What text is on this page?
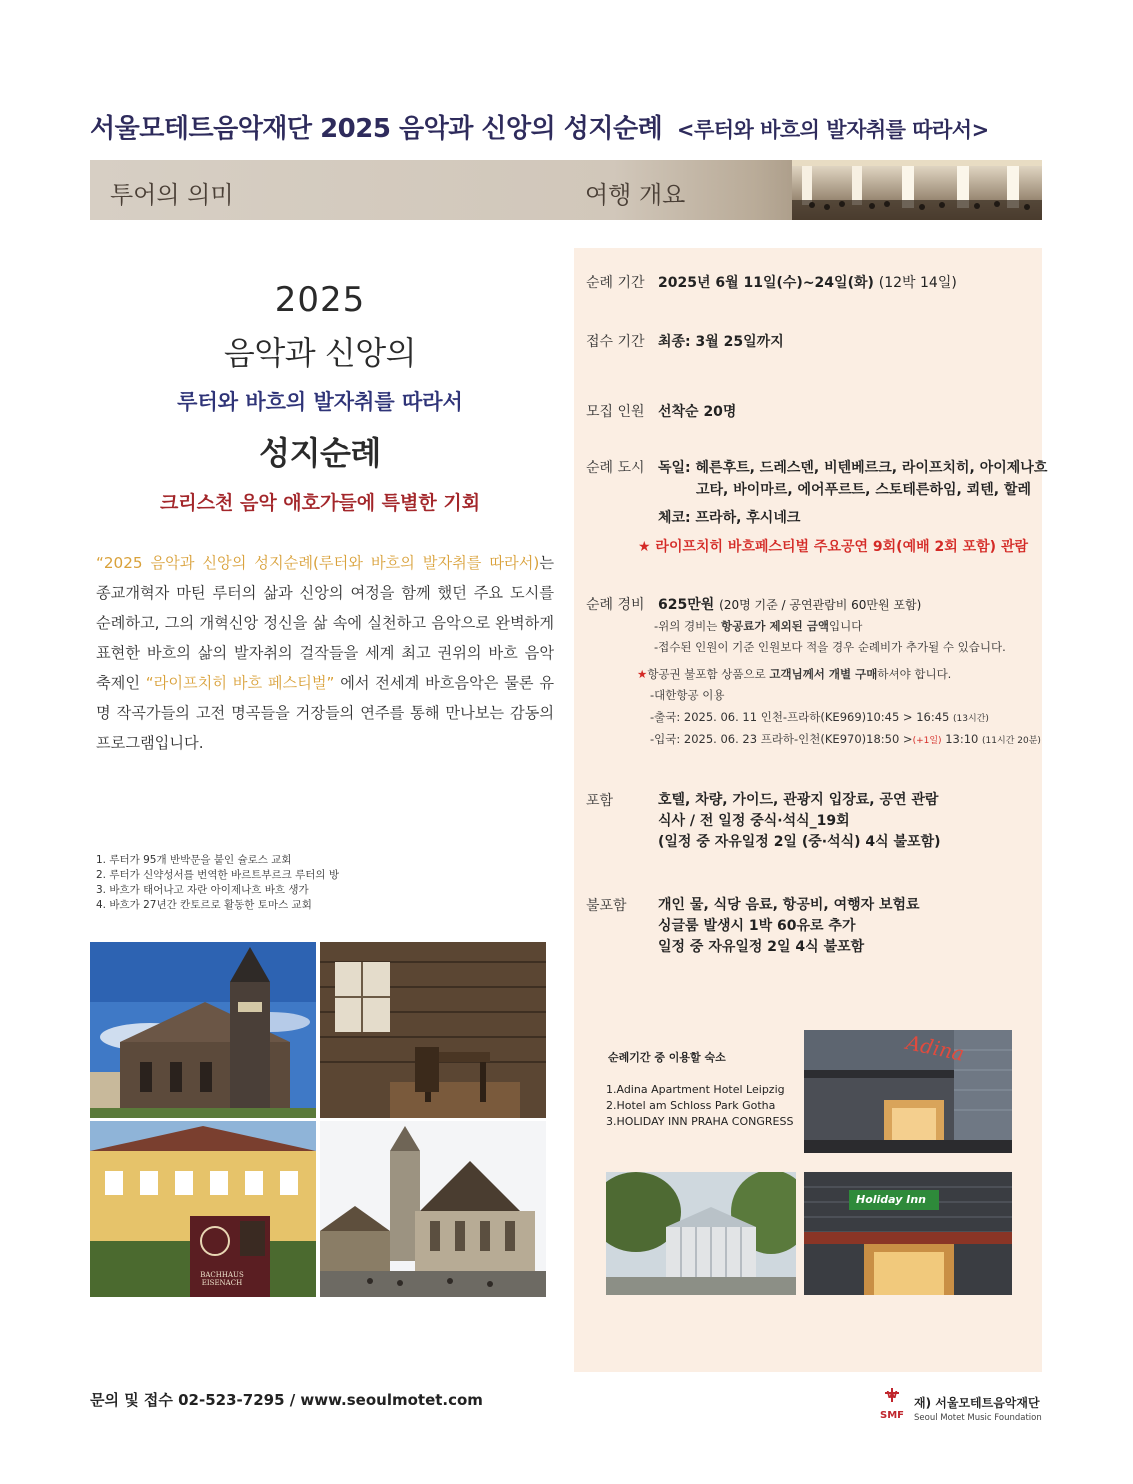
서울모테트음악재단 2025 음악과 신앙의 성지순례 <루터와 바흐의 발자취를 따라서>
투어의 의미	여행 개요
2025
음악과 신앙의
루터와 바흐의 발자취를 따라서
성지순례
크리스천 음악 애호가들에 특별한 기회
“2025 음악과 신앙의 성지순례(루터와 바흐의 발자취를 따라서)는 종교개혁자 마틴 루터의 삶과 신앙의 여정을 함께 했던 주요 도시를 순례하고, 그의 개혁신앙 정신을 삶 속에 실천하고 음악으로 완벽하게 표현한 바흐의 삶의 발자취의 걸작들을 세계 최고 권위의 바흐 음악 축제인 “라이프치히 바흐 페스티벌” 에서 전세계 바흐음악은 물론 유명 작곡가들의 고전 명곡들을 거장들의 연주를 통해 만나보는 감동의 프로그램입니다.
1. 루터가 95개 반박문을 붙인 슐로스 교회
2. 루터가 신약성서를 번역한 바르트부르크 루터의 방
3. 바흐가 태어나고 자란 아이제나흐 바흐 생가
4. 바흐가 27년간 칸토르로 활동한 토마스 교회
BACHHAUS EISENACH
순례 기간 2025년 6월 11일(수)~24일(화) (12박 14일)
접수 기간 최종: 3월 25일까지
모집 인원 선착순 20명
순례 도시 독일: 헤른후트, 드레스덴, 비텐베르크, 라이프치히, 아이제나흐
고타, 바이마르, 에어푸르트, 스토테른하임, 쾨텐, 할레
체코: 프라하, 후시네크
★ 라이프치히 바흐페스티벌 주요공연 9회(예배 2회 포함) 관람
순례 경비 625만원 (20명 기준 / 공연관람비 60만원 포함)
-위의 경비는 항공료가 제외된 금액입니다
-접수된 인원이 기준 인원보다 적을 경우 순례비가 추가될 수 있습니다.
★항공권 불포함 상품으로 고객님께서 개별 구매하셔야 합니다.
-대한항공 이용
-출국: 2025. 06. 11 인천-프라하(KE969)10:45 > 16:45 (13시간)
-입국: 2025. 06. 23 프라하-인천(KE970)18:50 >(+1일) 13:10 (11시간 20분)
포함	호텔, 차량, 가이드, 관광지 입장료, 공연 관람
식사 / 전 일정 중식·석식_19회
(일정 중 자유일정 2일 (중·석식) 4식 불포함)
불포함 개인 물, 식당 음료, 항공비, 여행자 보험료
싱글룸 발생시 1박 60유로 추가
일정 중 자유일정 2일 4식 불포함
순례기간 중 이용할 숙소
1.Adina Apartment Hotel Leipzig
2.Hotel am Schloss Park Gotha
3.HOLIDAY INN PRAHA CONGRESS
Adina
Holiday Inn
문의 및 접수 02-523-7295 / www.seoulmotet.com	W
SMF
재) 서울모테트음악재단
Seoul Motet Music Foundation
